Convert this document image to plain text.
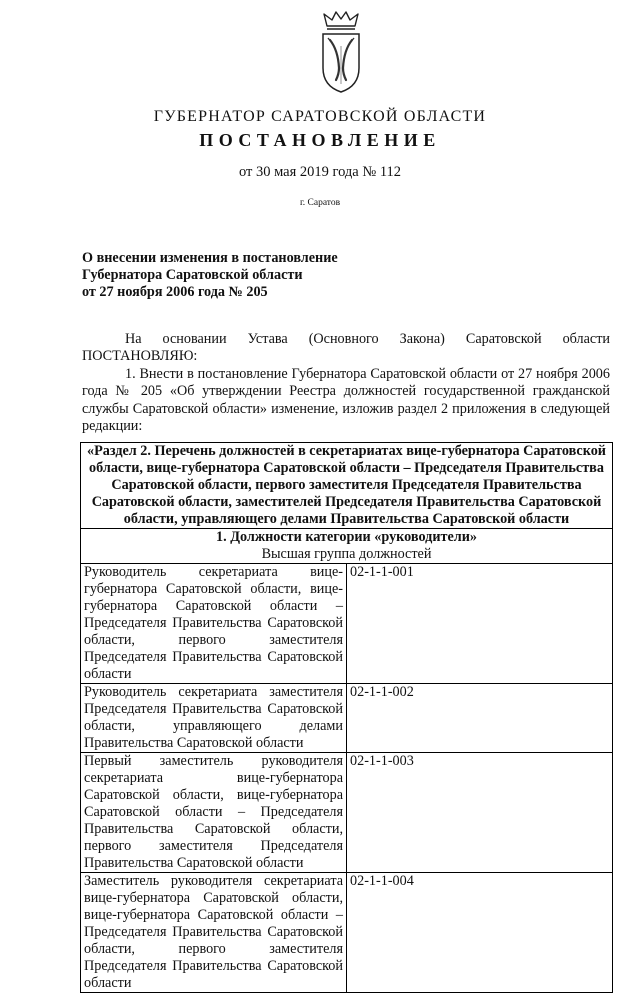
ГУБЕРНАТОР САРАТОВСКОЙ ОБЛАСТИ
ПОСТАНОВЛЕНИЕ
от 30 мая 2019 года № 112
г. Саратов
О внесении изменения в постановление
Губернатора Саратовской области
от 27 ноября 2006 года № 205
На основании Устава (Основного Закона) Саратовской области ПОСТАНОВЛЯЮ:
1. Внести в постановление Губернатора Саратовской области от 27 ноября 2006 года № 205 «Об утверждении Реестра должностей государственной гражданской службы Саратовской области» изменение, изложив раздел 2 приложения в следующей редакции:
«Раздел 2. Перечень должностей в секретариатах вице-губернатора Саратовской области, вице-губернатора Саратовской области – Председателя Правительства Саратовской области, первого заместителя Председателя Правительства Саратовской области, заместителей Председателя Правительства Саратовской области, управляющего делами Правительства Саратовской области	

1. Должности категории «руководители»
Высшая группа должностей	

Руководитель секретариата вице-губернатора Саратовской области, вице-губернатора Саратовской области – Председателя Правительства Саратовской области, первого заместителя Председателя Правительства Саратовской области	02-1-1-001
Руководитель секретариата заместителя Председателя Правительства Саратовской области, управляющего делами Правительства Саратовской области	02-1-1-002
Первый заместитель руководителя секретариата вице-губернатора Саратовской области, вице-губернатора Саратовской области – Председателя Правительства Саратовской области, первого заместителя Председателя Правительства Саратовской области	02-1-1-003
Заместитель руководителя секретариата вице-губернатора Саратовской области, вице-губернатора Саратовской области – Председателя Правительства Саратовской области, первого заместителя Председателя Правительства Саратовской области	02-1-1-004
